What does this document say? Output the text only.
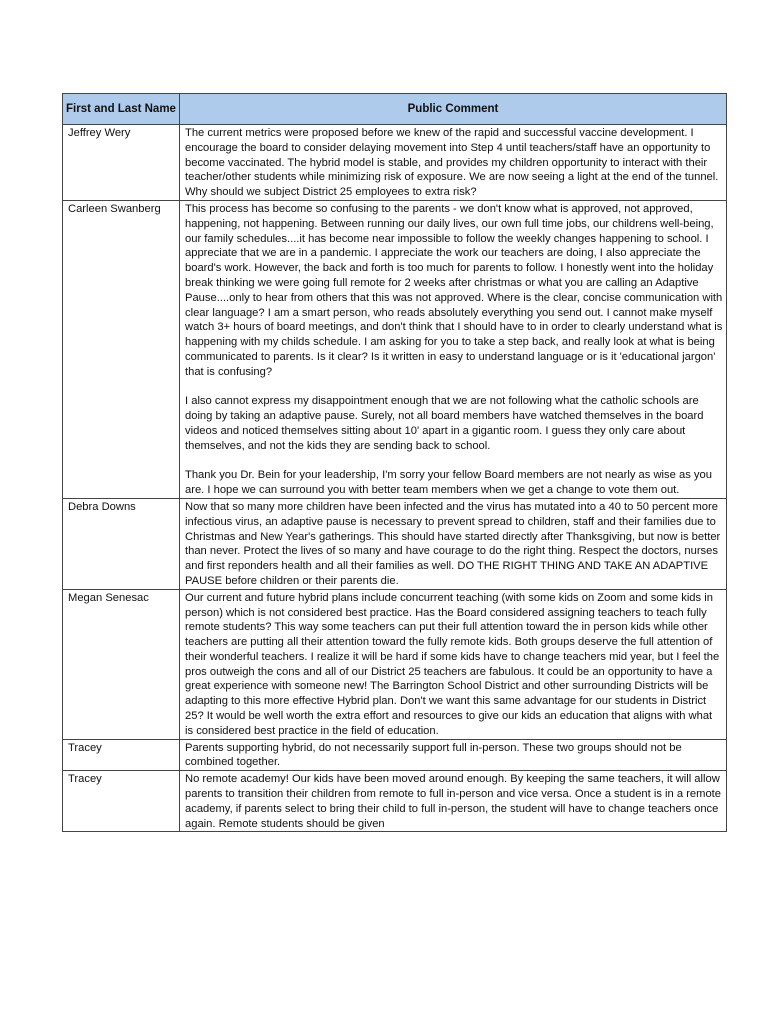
First and Last Name	Public Comment
Jeffrey Wery	The current metrics were proposed before we knew of the rapid and successful vaccine development. I encourage the board to consider delaying movement into Step 4 until teachers/staff have an opportunity to become vaccinated. The hybrid model is stable, and provides my children opportunity to interact with their teacher/other students while minimizing risk of exposure. We are now seeing a light at the end of the tunnel. Why should we subject District 25 employees to extra risk?

Carleen Swanberg	This process has become so confusing to the parents - we don't know what is approved, not approved, happening, not happening. Between running our daily lives, our own full time jobs, our childrens well-being, our family schedules....it has become near impossible to follow the weekly changes happening to school. I appreciate that we are in a pandemic. I appreciate the work our teachers are doing, I also appreciate the board's work. However, the back and forth is too much for parents to follow. I honestly went into the holiday break thinking we were going full remote for 2 weeks after christmas or what you are calling an Adaptive Pause....only to hear from others that this was not approved. Where is the clear, concise communication with clear language? I am a smart person, who reads absolutely everything you send out. I cannot make myself watch 3+ hours of board meetings, and don't think that I should have to in order to clearly understand what is happening with my childs schedule. I am asking for you to take a step back, and really look at what is being communicated to parents. Is it clear? Is it written in easy to understand language or is it 'educational jargon' that is confusing?

I also cannot express my disappointment enough that we are not following what the catholic schools are doing by taking an adaptive pause. Surely, not all board members have watched themselves in the board videos and noticed themselves sitting about 10' apart in a gigantic room. I guess they only care about themselves, and not the kids they are sending back to school.

Thank you Dr. Bein for your leadership, I'm sorry your fellow Board members are not nearly as wise as you are. I hope we can surround you with better team members when we get a change to vote them out.

Debra Downs	Now that so many more children have been infected and the virus has mutated into a 40 to 50 percent more infectious virus, an adaptive pause is necessary to prevent spread to children, staff and their families due to Christmas and New Year's gatherings. This should have started directly after Thanksgiving, but now is better than never. Protect the lives of so many and have courage to do the right thing. Respect the doctors, nurses and first reponders health and all their families as well. DO THE RIGHT THING AND TAKE AN ADAPTIVE PAUSE before children or their parents die.

Megan Senesac	Our current and future hybrid plans include concurrent teaching (with some kids on Zoom and some kids in person) which is not considered best practice. Has the Board considered assigning teachers to teach fully remote students? This way some teachers can put their full attention toward the in person kids while other teachers are putting all their attention toward the fully remote kids. Both groups deserve the full attention of their wonderful teachers. I realize it will be hard if some kids have to change teachers mid year, but I feel the pros outweigh the cons and all of our District 25 teachers are fabulous. It could be an opportunity to have a great experience with someone new! The Barrington School District and other surrounding Districts will be adapting to this more effective Hybrid plan. Don't we want this same advantage for our students in District 25? It would be well worth the extra effort and resources to give our kids an education that aligns with what is considered best practice in the field of education.

Tracey	Parents supporting hybrid, do not necessarily support full in-person. These two groups should not be combined together.

Tracey	No remote academy! Our kids have been moved around enough. By keeping the same teachers, it will allow parents to transition their children from remote to full in-person and vice versa. Once a student is in a remote academy, if parents select to bring their child to full in-person, the student will have to change teachers once again. Remote students should be given
